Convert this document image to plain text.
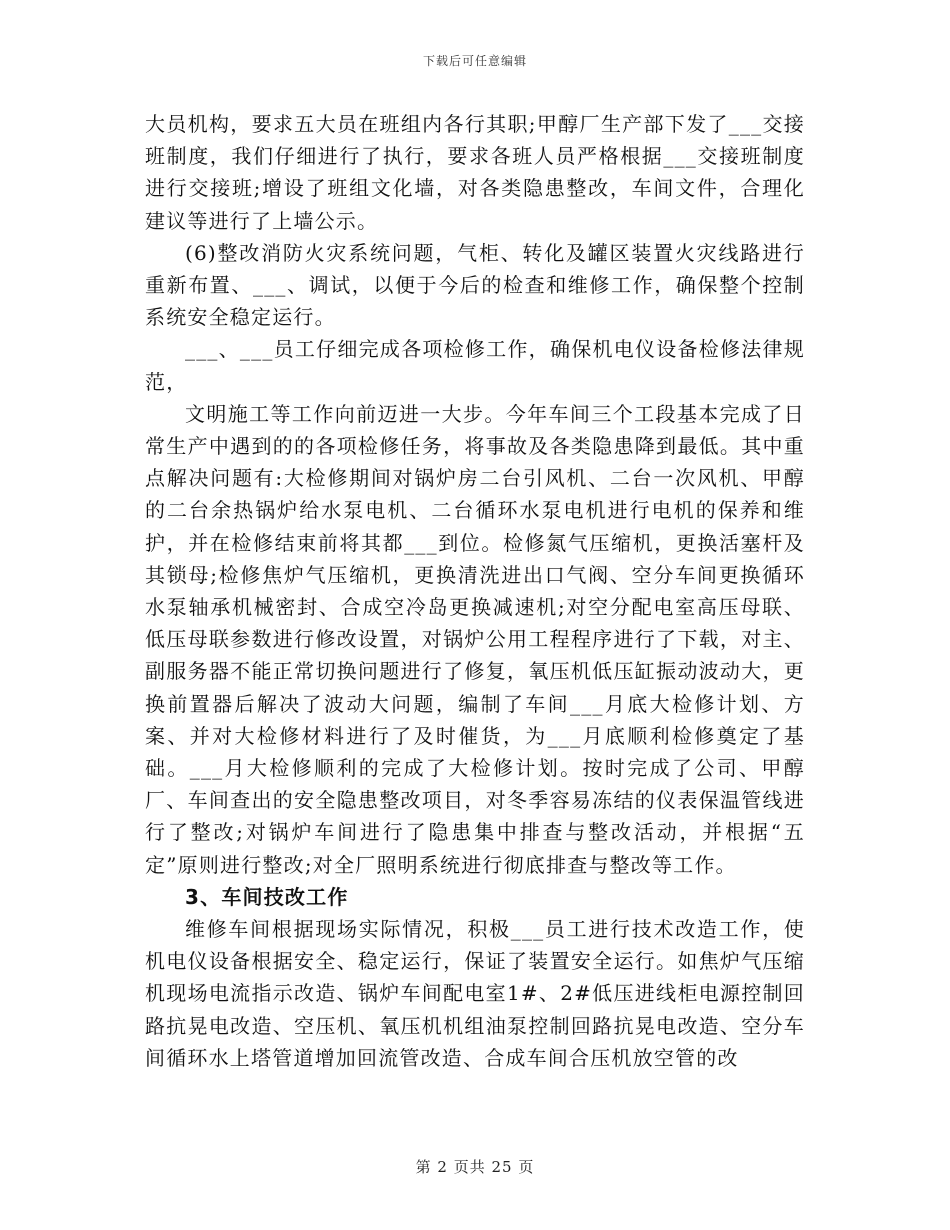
下载后可任意编辑

大员机构，要求五大员在班组内各行其职;甲醇厂生产部下发了___交接班制度，我们仔细进行了执行，要求各班人员严格根据___交接班制度进行交接班;增设了班组文化墙，对各类隐患整改，车间文件，合理化建议等进行了上墙公示。

(6)整改消防火灾系统问题，气柜、转化及罐区装置火灾线路进行重新布置、___、调试，以便于今后的检查和维修工作，确保整个控制系统安全稳定运行。

___、___员工仔细完成各项检修工作，确保机电仪设备检修法律规范，

文明施工等工作向前迈进一大步。今年车间三个工段基本完成了日常生产中遇到的的各项检修任务，将事故及各类隐患降到最低。其中重点解决问题有:大检修期间对锅炉房二台引风机、二台一次风机、甲醇的二台余热锅炉给水泵电机、二台循环水泵电机进行电机的保养和维护，并在检修结束前将其都___到位。检修氮气压缩机，更换活塞杆及其锁母;检修焦炉气压缩机，更换清洗进出口气阀、空分车间更换循环水泵轴承机械密封、合成空冷岛更换减速机;对空分配电室高压母联、低压母联参数进行修改设置，对锅炉公用工程程序进行了下载，对主、副服务器不能正常切换问题进行了修复，氧压机低压缸振动波动大，更换前置器后解决了波动大问题，编制了车间___月底大检修计划、方案、并对大检修材料进行了及时催货，为___月底顺利检修奠定了基础。___月大检修顺利的完成了大检修计划。按时完成了公司、甲醇厂、车间查出的安全隐患整改项目，对冬季容易冻结的仪表保温管线进行了整改;对锅炉车间进行了隐患集中排查与整改活动，并根据“五定”原则进行整改;对全厂照明系统进行彻底排查与整改等工作。

3、车间技改工作

维修车间根据现场实际情况，积极___员工进行技术改造工作，使机电仪设备根据安全、稳定运行，保证了装置安全运行。如焦炉气压缩机现场电流指示改造、锅炉车间配电室1#、2#低压进线柜电源控制回路抗晃电改造、空压机、氧压机机组油泵控制回路抗晃电改造、空分车间循环水上塔管道增加回流管改造、合成车间合压机放空管的改

第 2 页共 25 页
